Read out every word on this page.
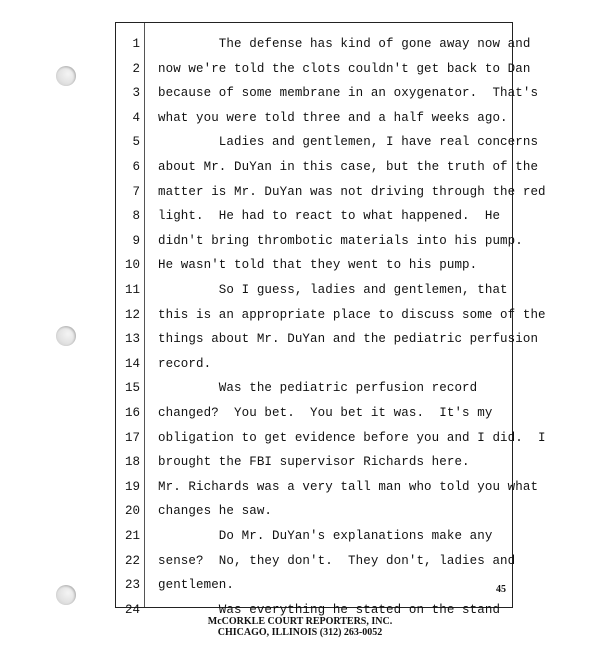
1 The defense has kind of gone away now and
2 now we're told the clots couldn't get back to Dan
3 because of some membrane in an oxygenator.  That's
4 what you were told three and a half weeks ago.
5 Ladies and gentlemen, I have real concerns
6 about Mr. DuYan in this case, but the truth of the
7 matter is Mr. DuYan was not driving through the red
8 light.  He had to react to what happened.  He
9 didn't bring thrombotic materials into his pump.
10 He wasn't told that they went to his pump.
11 So I guess, ladies and gentlemen, that
12 this is an appropriate place to discuss some of the
13 things about Mr. DuYan and the pediatric perfusion
14 record.
15 Was the pediatric perfusion record
16 changed?  You bet.  You bet it was.  It's my
17 obligation to get evidence before you and I did.  I
18 brought the FBI supervisor Richards here.
19 Mr. Richards was a very tall man who told you what
20 changes he saw.
21 Do Mr. DuYan's explanations make any
22 sense?  No, they don't.  They don't, ladies and
23 gentlemen.
24 Was everything he stated on the stand
45
McCORKLE COURT REPORTERS, INC.
CHICAGO, ILLINOIS (312) 263-0052
